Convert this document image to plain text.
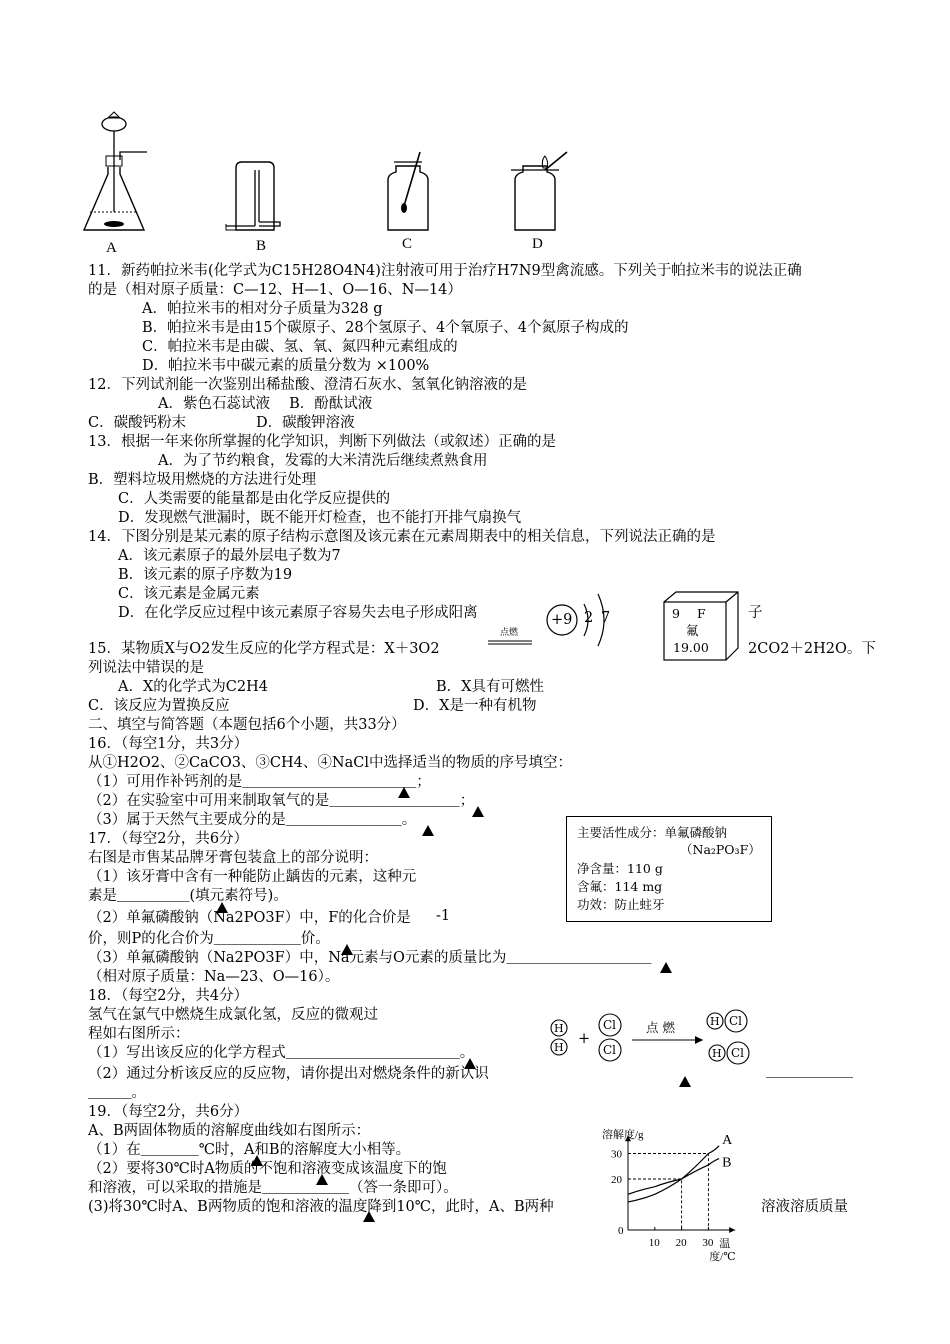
A	B	C	D
11．新药帕拉米韦(化学式为C15H28O4N4)注射液可用于治疗H7N9型禽流感。下列关于帕拉米韦的说法正确
的是（相对原子质量：C—12、H—1、O—16、N—14）
A．帕拉米韦的相对分子质量为328 g
B．帕拉米韦是由15个碳原子、28个氢原子、4个氧原子、4个氮原子构成的
C．帕拉米韦是由碳、氢、氧、氮四种元素组成的
D．帕拉米韦中碳元素的质量分数为 ×100%
12．下列试剂能一次鉴别出稀盐酸、澄清石灰水、氢氧化钠溶液的是
A．紫色石蕊试液　 B．酚酞试液
C．碳酸钙粉末	D．碳酸钾溶液
13．根据一年来你所掌握的化学知识，判断下列做法（或叙述）正确的是
A．为了节约粮食，发霉的大米清洗后继续煮熟食用
B．塑料垃圾用燃烧的方法进行处理
C．人类需要的能量都是由化学反应提供的
D．发现燃气泄漏时，既不能开灯检查，也不能打开排气扇换气
14．下图分别是某元素的原子结构示意图及该元素在元素周期表中的相关信息，下列说法正确的是
A．该元素原子的最外层电子数为7
B．该元素的原子序数为19
C．该元素是金属元素
D．在化学反应过程中该元素原子容易失去电子形成阳离	子
+9 2 7	9 F
氟
19.00
15．某物质X与O2发生反应的化学方程式是：X＋3O2
点燃
2CO2＋2H2O。下
列说法中错误的是
A．X的化学式为C2H4	B．X具有可燃性
C．该反应为置换反应	D．X是一种有机物
二、填空与简答题（本题包括6个小题，共33分）
16．（每空1分，共3分）
从①H2O2、②CaCO3、③CH4、④NaCl中选择适当的物质的序号填空：
（1）可用作补钙剂的是＿＿＿＿＿＿＿＿＿＿＿＿；
（2）在实验室中可用来制取氧气的是＿＿＿＿＿＿＿＿＿；
（3）属于天然气主要成分的是＿＿＿＿＿＿＿＿。
17．（每空2分，共6分）
右图是市售某品牌牙膏包装盒上的部分说明：
（1）该牙膏中含有一种能防止龋齿的元素，这种元
素是＿＿＿＿＿(填元素符号)。
（2）单氟磷酸钠（Na2PO3F）中，F的化合价是 -1
价，则P的化合价为＿＿＿＿＿＿价。
（3）单氟磷酸钠（Na2PO3F）中，Na元素与O元素的质量比为＿＿＿＿＿＿＿＿＿＿
（相对原子质量：Na—23、O—16）。
主要活性成分：单氟磷酸钠
（Na₂PO₃F）
净含量：110 g
含氟：114 mg
功效：防止蛀牙
18．（每空2分，共4分）
氢气在氯气中燃烧生成氯化氢，反应的微观过
程如右图所示：
（1）写出该反应的化学方程式＿＿＿＿＿＿＿＿＿＿＿＿。
（2）通过分析该反应的反应物，请你提出对燃烧条件的新认识	＿＿＿＿＿＿
＿＿＿。
H
H
Cl
Cl
+
点 燃	H Cl
H Cl
19．（每空2分，共6分）
A、B两固体物质的溶解度曲线如右图所示：
（1）在＿＿＿＿℃时，A和B的溶解度大小相等。
（2）要将30℃时A物质的不饱和溶液变成该温度下的饱
和溶液，可以采取的措施是＿＿＿＿＿＿（答一条即可）。
(3)将30℃时A、B两物质的饱和溶液的温度降到10℃，此时，A、B两种	溶液溶质质量
溶解度/g
温
度/℃
0
10 20 30
20
30
A
B
